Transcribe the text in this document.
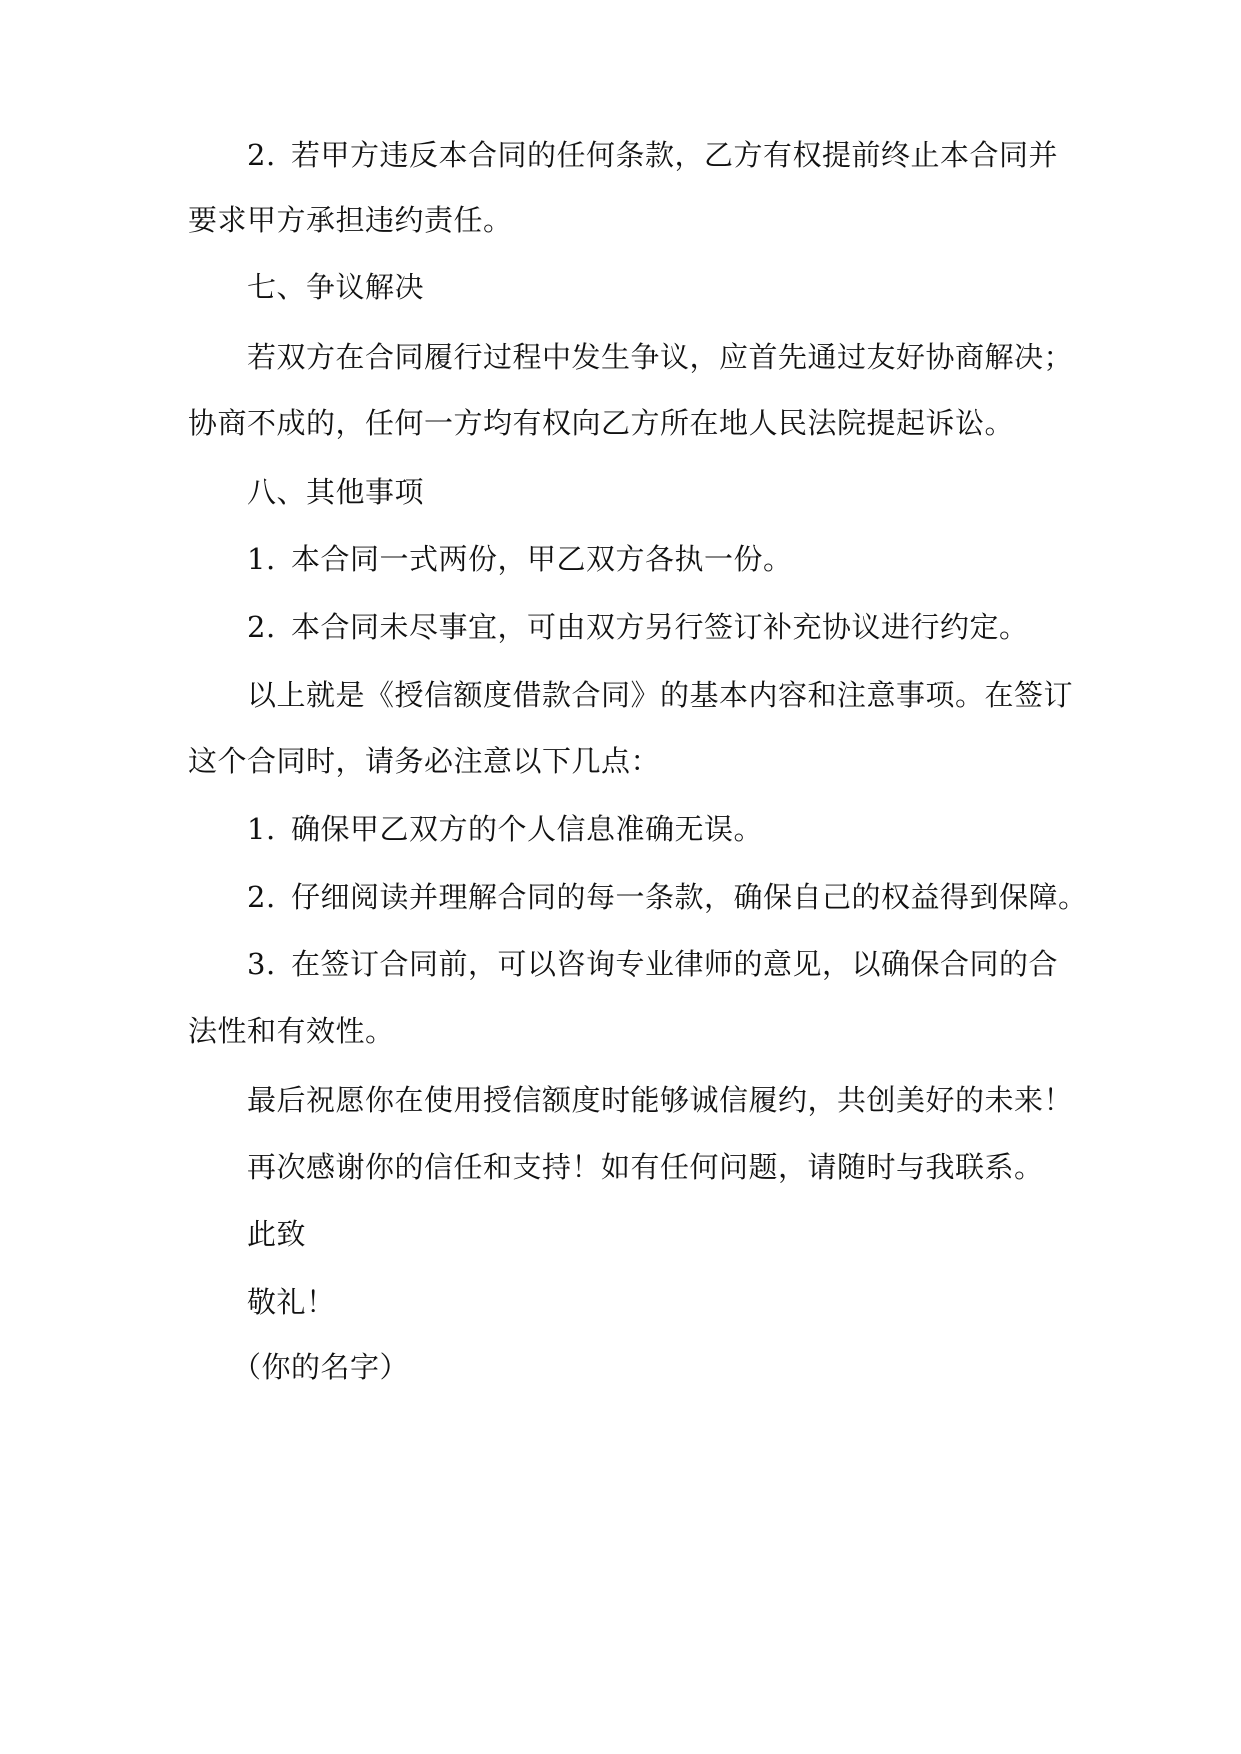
2. 若甲方违反本合同的任何条款，乙方有权提前终止本合同并
要求甲方承担违约责任。
七、争议解决
若双方在合同履行过程中发生争议，应首先通过友好协商解决；
协商不成的，任何一方均有权向乙方所在地人民法院提起诉讼。
八、其他事项
1. 本合同一式两份，甲乙双方各执一份。
2. 本合同未尽事宜，可由双方另行签订补充协议进行约定。
以上就是《授信额度借款合同》的基本内容和注意事项。在签订
这个合同时，请务必注意以下几点：
1. 确保甲乙双方的个人信息准确无误。
2. 仔细阅读并理解合同的每一条款，确保自己的权益得到保障。
3. 在签订合同前，可以咨询专业律师的意见，以确保合同的合
法性和有效性。
最后祝愿你在使用授信额度时能够诚信履约，共创美好的未来！
再次感谢你的信任和支持！如有任何问题，请随时与我联系。
此致
敬礼！
（你的名字）
